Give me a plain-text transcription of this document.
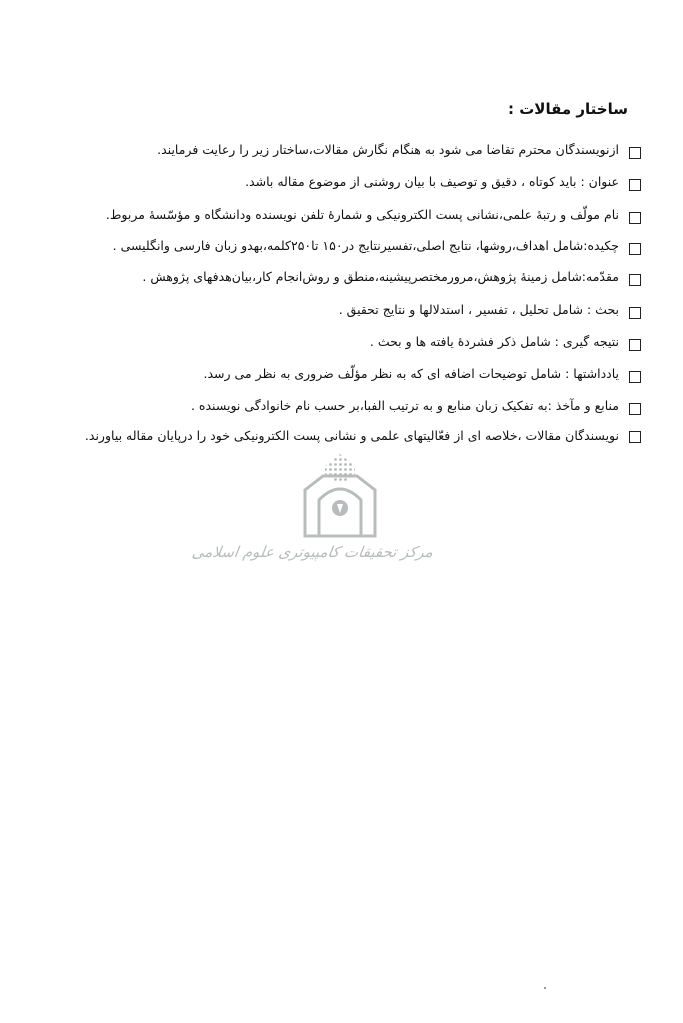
ساختار مقالات :
ازنویسندگان محترم تقاضا می شود به هنگام نگارش مقالات،ساختار زیر را رعایت فرمایند.
عنوان : باید کوتاه ، دقیق و توصیف با بیان روشنی از موضوع مقاله باشد.
نام مولّف و رتبهٔ علمی،نشانی پست الکترونیکی و شمارهٔ تلفن نویسنده ودانشگاه و مؤسّسهٔ مربوط.
چکیده:شامل اهداف،روشها، نتایج اصلی،تفسیرنتایج در۱۵۰ تا۲۵۰کلمه،بهدو زبان فارسی وانگلیسی .
مقدّمه:شامل زمینهٔ پژوهش،مرورمختصرپیشینه،منطق و روش‌انجام کار،بیان‌هدفهای پژوهش .
بحث : شامل تحلیل ، تفسیر ، استدلالها و نتایج تحقیق .
نتیجه گیری : شامل ذکر فشردهٔ یافته ها و بحث .
یادداشتها : شامل توضیحات اضافه ای که به نظر مؤلّف ضروری به نظر می رسد.
منابع و مآخذ :به تفکیک زبان منابع و به ترتیب الفبا،بر حسب نام خانوادگی نویسنده .
نویسندگان مقالات ،خلاصه ای از فعّالیتهای علمی و نشانی پست الکترونیکی خود را درپایان مقاله بیاورند.
مرکز تحقیقات کامپیوتری علوم اسلامی
